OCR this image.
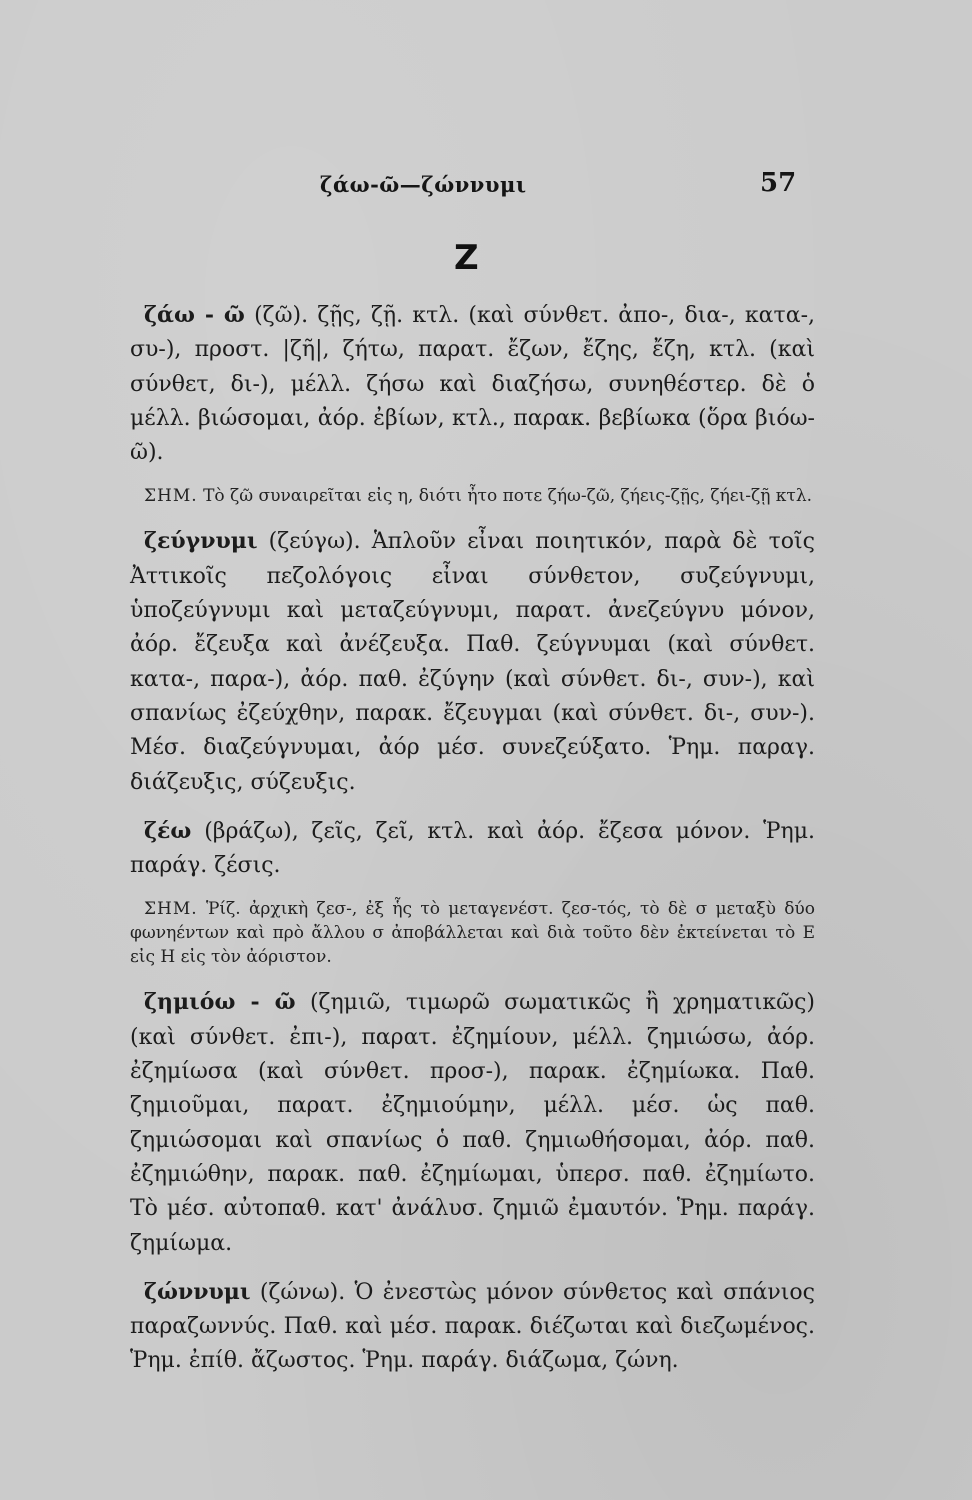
ζάω-ῶ—ζώννυμι	57
Ζ

ζάω - ῶ (ζῶ). ζῇς, ζῇ. κτλ. (καὶ σύνθετ. ἀπο-, δια-, κατα-, συ-), προστ. |ζῆ|, ζήτω, παρατ. ἔζων, ἔζης, ἔζη, κτλ. (καὶ σύνθετ, δι-), μέλλ. ζήσω καὶ διαζήσω, συνηθέστερ. δὲ ὁ μέλλ. βιώσομαι, ἀόρ. ἐβίων, κτλ., παρακ. βεβίωκα (ὅρα βιόω-ῶ).

ΣΗΜ. Τὸ ζῶ συναιρεῖται εἰς η, διότι ἦτο ποτε ζήω-ζῶ, ζήεις-ζῇς, ζήει-ζῇ κτλ.

ζεύγνυμι (ζεύγω). Ἁπλοῦν εἶναι ποιητικόν, παρὰ δὲ τοῖς Ἀττικοῖς πεζολόγοις εἶναι σύνθετον, συζεύγνυμι, ὑποζεύγνυμι καὶ μεταζεύγνυμι, παρατ. ἀνεζεύγνυ μόνον, ἀόρ. ἔζευξα καὶ ἀνέζευξα. Παθ. ζεύγνυμαι (καὶ σύνθετ. κατα-, παρα-), ἀόρ. παθ. ἐζύγην (καὶ σύνθετ. δι-, συν-), καὶ σπανίως ἐζεύχθην, παρακ. ἔζευγμαι (καὶ σύνθετ. δι-, συν-). Μέσ. διαζεύγνυμαι, ἀόρ μέσ. συνεζεύξατο. Ῥημ. παραγ. διάζευξις, σύζευξις.

ζέω (βράζω), ζεῖς, ζεῖ, κτλ. καὶ ἀόρ. ἔζεσα μόνον. Ῥημ. παράγ. ζέσις.

ΣΗΜ. Ῥίζ. ἀρχικὴ ζεσ-, ἐξ ἧς τὸ μεταγενέστ. ζεσ-τός, τὸ δὲ σ μεταξὺ δύο φωνηέντων καὶ πρὸ ἄλλου σ ἀποβάλλεται καὶ διὰ τοῦτο δὲν ἐκτείνεται τὸ Ε εἰς Η εἰς τὸν ἀόριστον.

ζημιόω - ῶ (ζημιῶ, τιμωρῶ σωματικῶς ἢ χρηματικῶς) (καὶ σύνθετ. ἐπι-), παρατ. ἐζημίουν, μέλλ. ζημιώσω, ἀόρ. ἐζημίωσα (καὶ σύνθετ. προσ-), παρακ. ἐζημίωκα. Παθ. ζημιοῦμαι, παρατ. ἐζημιούμην, μέλλ. μέσ. ὡς παθ. ζημιώσομαι καὶ σπανίως ὁ παθ. ζημιωθήσομαι, ἀόρ. παθ. ἐζημιώθην, παρακ. παθ. ἐζημίωμαι, ὑπερσ. παθ. ἐζημίωτο. Τὸ μέσ. αὐτοπαθ. κατ' ἀνάλυσ. ζημιῶ ἐμαυτόν. Ῥημ. παράγ. ζημίωμα.

ζώννυμι (ζώνω). Ὁ ἐνεστὼς μόνον σύνθετος καὶ σπάνιος παραζωννύς. Παθ. καὶ μέσ. παρακ. διέζωται καὶ διεζωμένος. Ῥημ. ἐπίθ. ἄζωστος. Ῥημ. παράγ. διάζωμα, ζώνη.
